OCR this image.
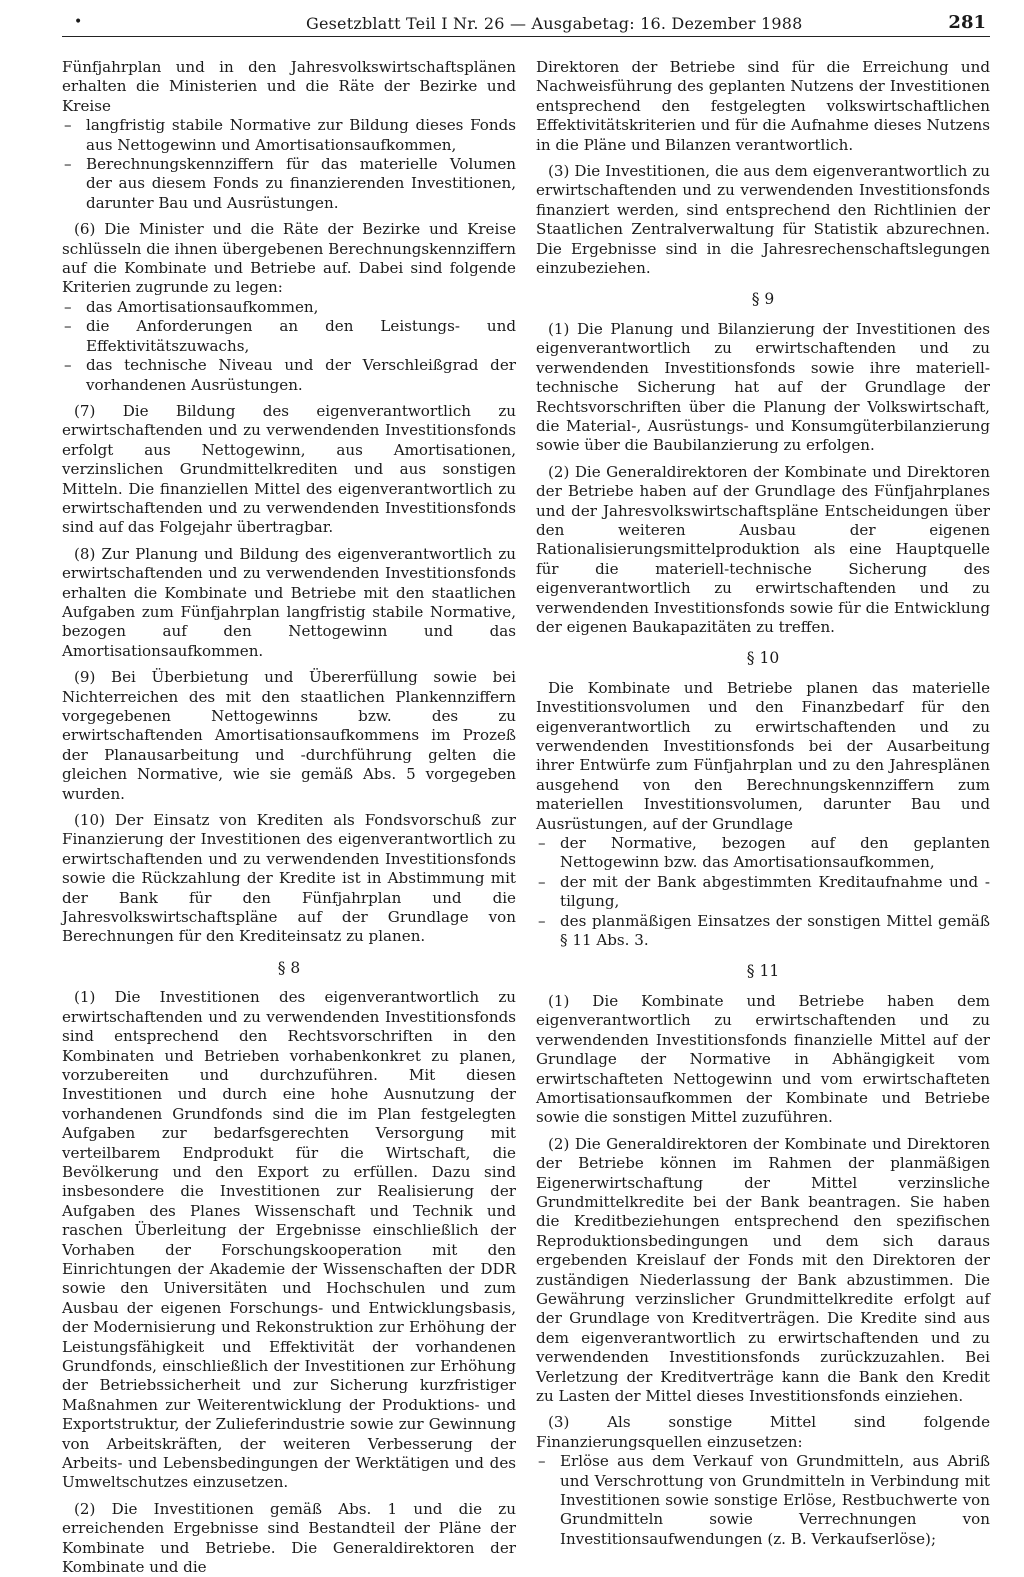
•	Gesetzblatt Teil I Nr. 26 — Ausgabetag: 16. Dezember 1988	281

Fünfjahrplan und in den Jahresvolkswirtschaftsplänen erhalten die Ministerien und die Räte der Bezirke und Kreise

– langfristig stabile Normative zur Bildung dieses Fonds aus Nettogewinn und Amortisationsaufkommen,
– Berechnungskennziffern für das materielle Volumen der aus diesem Fonds zu finanzierenden Investitionen, darunter Bau und Ausrüstungen.

(6) Die Minister und die Räte der Bezirke und Kreise schlüsseln die ihnen übergebenen Berechnungskennziffern auf die Kombinate und Betriebe auf. Dabei sind folgende Kriterien zugrunde zu legen:

– das Amortisationsaufkommen,
– die Anforderungen an den Leistungs- und Effektivitätszuwachs,
– das technische Niveau und der Verschleißgrad der vorhandenen Ausrüstungen.

(7) Die Bildung des eigenverantwortlich zu erwirtschaftenden und zu verwendenden Investitionsfonds erfolgt aus Nettogewinn, aus Amortisationen, verzinslichen Grundmittelkrediten und aus sonstigen Mitteln. Die finanziellen Mittel des eigenverantwortlich zu erwirtschaftenden und zu verwendenden Investitionsfonds sind auf das Folgejahr übertragbar.

(8) Zur Planung und Bildung des eigenverantwortlich zu erwirtschaftenden und zu verwendenden Investitionsfonds erhalten die Kombinate und Betriebe mit den staatlichen Aufgaben zum Fünfjahrplan langfristig stabile Normative, bezogen auf den Nettogewinn und das Amortisationsaufkommen.

(9) Bei Überbietung und Übererfüllung sowie bei Nichterreichen des mit den staatlichen Plankennziffern vorgegebenen Nettogewinns bzw. des zu erwirtschaftenden Amortisationsaufkommens im Prozeß der Planausarbeitung und -durchführung gelten die gleichen Normative, wie sie gemäß Abs. 5 vorgegeben wurden.

(10) Der Einsatz von Krediten als Fondsvorschuß zur Finanzierung der Investitionen des eigenverantwortlich zu erwirtschaftenden und zu verwendenden Investitionsfonds sowie die Rückzahlung der Kredite ist in Abstimmung mit der Bank für den Fünfjahrplan und die Jahresvolkswirtschaftspläne auf der Grundlage von Berechnungen für den Krediteinsatz zu planen.

§ 8

(1) Die Investitionen des eigenverantwortlich zu erwirtschaftenden und zu verwendenden Investitionsfonds sind entsprechend den Rechtsvorschriften in den Kombinaten und Betrieben vorhabenkonkret zu planen, vorzubereiten und durchzuführen. Mit diesen Investitionen und durch eine hohe Ausnutzung der vorhandenen Grundfonds sind die im Plan festgelegten Aufgaben zur bedarfsgerechten Versorgung mit verteilbarem Endprodukt für die Wirtschaft, die Bevölkerung und den Export zu erfüllen. Dazu sind insbesondere die Investitionen zur Realisierung der Aufgaben des Planes Wissenschaft und Technik und raschen Überleitung der Ergebnisse einschließlich der Vorhaben der Forschungskooperation mit den Einrichtungen der Akademie der Wissenschaften der DDR sowie den Universitäten und Hochschulen und zum Ausbau der eigenen Forschungs- und Entwicklungsbasis, der Modernisierung und Rekonstruktion zur Erhöhung der Leistungsfähigkeit und Effektivität der vorhandenen Grundfonds, einschließlich der Investitionen zur Erhöhung der Betriebssicherheit und zur Sicherung kurzfristiger Maßnahmen zur Weiterentwicklung der Produktions- und Exportstruktur, der Zulieferindustrie sowie zur Gewinnung von Arbeitskräften, der weiteren Verbesserung der Arbeits- und Lebensbedingungen der Werktätigen und des Umweltschutzes einzusetzen.

(2) Die Investitionen gemäß Abs. 1 und die zu erreichenden Ergebnisse sind Bestandteil der Pläne der Kombinate und Betriebe. Die Generaldirektoren der Kombinate und die

Direktoren der Betriebe sind für die Erreichung und Nachweisführung des geplanten Nutzens der Investitionen entsprechend den festgelegten volkswirtschaftlichen Effektivitätskriterien und für die Aufnahme dieses Nutzens in die Pläne und Bilanzen verantwortlich.

(3) Die Investitionen, die aus dem eigenverantwortlich zu erwirtschaftenden und zu verwendenden Investitionsfonds finanziert werden, sind entsprechend den Richtlinien der Staatlichen Zentralverwaltung für Statistik abzurechnen. Die Ergebnisse sind in die Jahresrechenschaftslegungen einzubeziehen.

§ 9

(1) Die Planung und Bilanzierung der Investitionen des eigenverantwortlich zu erwirtschaftenden und zu verwendenden Investitionsfonds sowie ihre materiell-technische Sicherung hat auf der Grundlage der Rechtsvorschriften über die Planung der Volkswirtschaft, die Material-, Ausrüstungs- und Konsumgüterbilanzierung sowie über die Baubilanzierung zu erfolgen.

(2) Die Generaldirektoren der Kombinate und Direktoren der Betriebe haben auf der Grundlage des Fünfjahrplanes und der Jahresvolkswirtschaftspläne Entscheidungen über den weiteren Ausbau der eigenen Rationalisierungsmittelproduktion als eine Hauptquelle für die materiell-technische Sicherung des eigenverantwortlich zu erwirtschaftenden und zu verwendenden Investitionsfonds sowie für die Entwicklung der eigenen Baukapazitäten zu treffen.

§ 10

Die Kombinate und Betriebe planen das materielle Investitionsvolumen und den Finanzbedarf für den eigenverantwortlich zu erwirtschaftenden und zu verwendenden Investitionsfonds bei der Ausarbeitung ihrer Entwürfe zum Fünfjahrplan und zu den Jahresplänen ausgehend von den Berechnungskennziffern zum materiellen Investitionsvolumen, darunter Bau und Ausrüstungen, auf der Grundlage

– der Normative, bezogen auf den geplanten Nettogewinn bzw. das Amortisationsaufkommen,
– der mit der Bank abgestimmten Kreditaufnahme und -tilgung,
– des planmäßigen Einsatzes der sonstigen Mittel gemäß § 11 Abs. 3.
§ 11

(1) Die Kombinate und Betriebe haben dem eigenverantwortlich zu erwirtschaftenden und zu verwendenden Investitionsfonds finanzielle Mittel auf der Grundlage der Normative in Abhängigkeit vom erwirtschafteten Nettogewinn und vom erwirtschafteten Amortisationsaufkommen der Kombinate und Betriebe sowie die sonstigen Mittel zuzuführen.

(2) Die Generaldirektoren der Kombinate und Direktoren der Betriebe können im Rahmen der planmäßigen Eigenerwirtschaftung der Mittel verzinsliche Grundmittelkredite bei der Bank beantragen. Sie haben die Kreditbeziehungen entsprechend den spezifischen Reproduktionsbedingungen und dem sich daraus ergebenden Kreislauf der Fonds mit den Direktoren der zuständigen Niederlassung der Bank abzustimmen. Die Gewährung verzinslicher Grundmittelkredite erfolgt auf der Grundlage von Kreditverträgen. Die Kredite sind aus dem eigenverantwortlich zu erwirtschaftenden und zu verwendenden Investitionsfonds zurückzuzahlen. Bei Verletzung der Kreditverträge kann die Bank den Kredit zu Lasten der Mittel dieses Investitionsfonds einziehen.

(3) Als sonstige Mittel sind folgende Finanzierungsquellen einzusetzen:

– Erlöse aus dem Verkauf von Grundmitteln, aus Abriß und Verschrottung von Grundmitteln in Verbindung mit Investitionen sowie sonstige Erlöse, Restbuchwerte von Grundmitteln sowie Verrechnungen von Investitionsaufwendungen (z. B. Verkaufserlöse);
